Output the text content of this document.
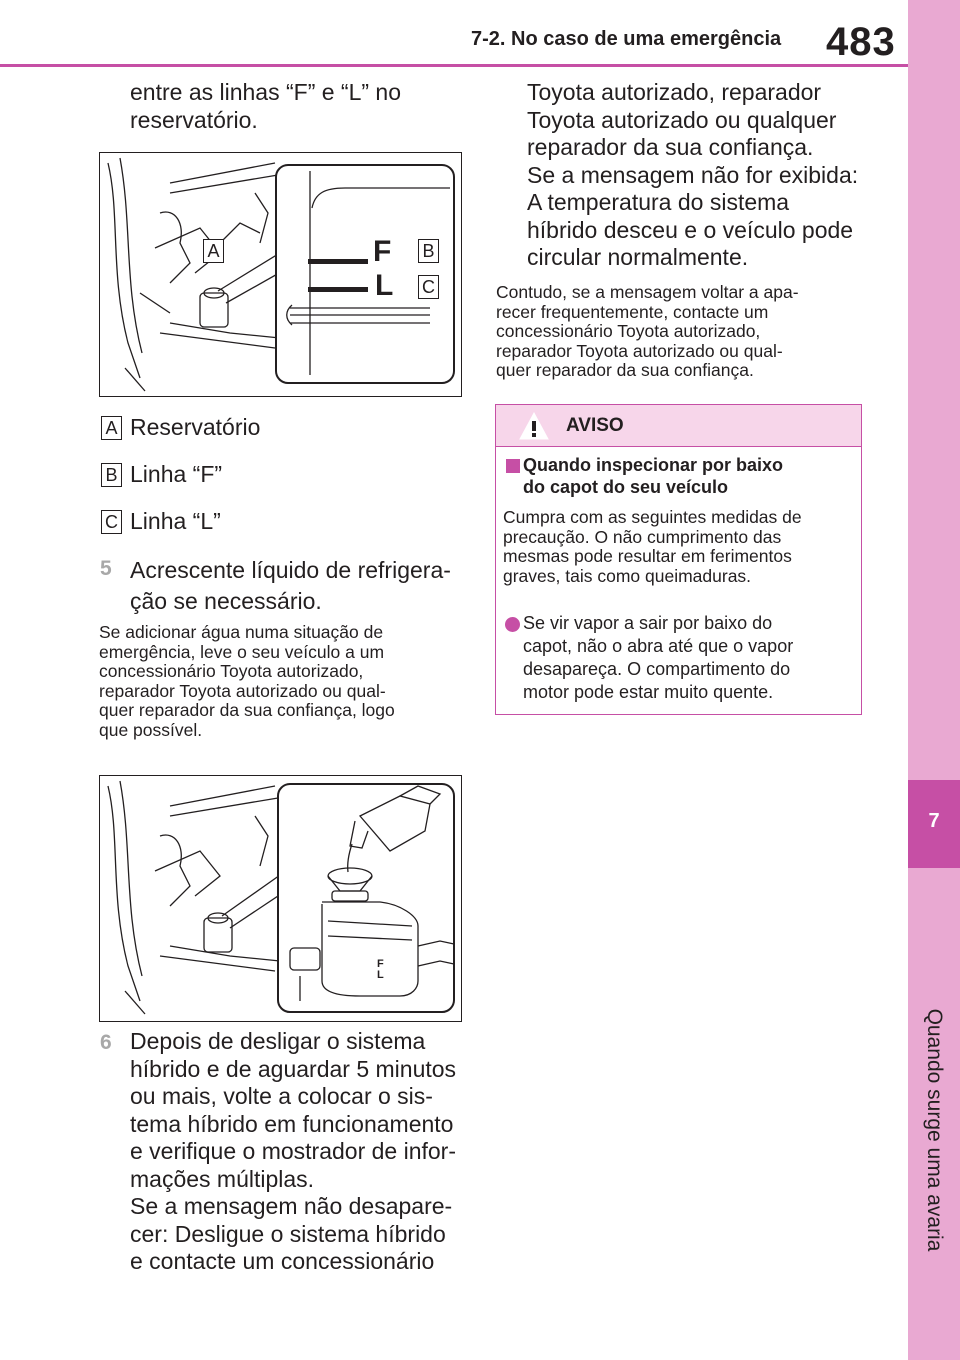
7-2. No caso de uma emergência 483
7
Quando surge uma avaria
entre as linhas “F” e “L” no
reservatório.
F
L
A	B
C
A Reservatório
B Linha “F”
C Linha “L”
5 Acrescente líquido de refrigera-
ção se necessário.
Se adicionar água numa situação de
emergência, leve o seu veículo a um
concessionário Toyota autorizado,
reparador Toyota autorizado ou qual-
quer reparador da sua confiança, logo
que possível.
F
L
6 Depois de desligar o sistema
híbrido e de aguardar 5 minutos
ou mais, volte a colocar o sis-
tema híbrido em funcionamento
e verifique o mostrador de infor-
mações múltiplas.
Se a mensagem não desapare-
cer: Desligue o sistema híbrido
e contacte um concessionário
Toyota autorizado, reparador
Toyota autorizado ou qualquer
reparador da sua confiança.
Se a mensagem não for exibida:
A temperatura do sistema
híbrido desceu e o veículo pode
circular normalmente.
Contudo, se a mensagem voltar a apa-
recer frequentemente, contacte um
concessionário Toyota autorizado,
reparador Toyota autorizado ou qual-
quer reparador da sua confiança.
AVISO
Quando inspecionar por baixo
do capot do seu veículo
Cumpra com as seguintes medidas de
precaução. O não cumprimento das
mesmas pode resultar em ferimentos
graves, tais como queimaduras.
Se vir vapor a sair por baixo do
capot, não o abra até que o vapor
desapareça. O compartimento do
motor pode estar muito quente.
